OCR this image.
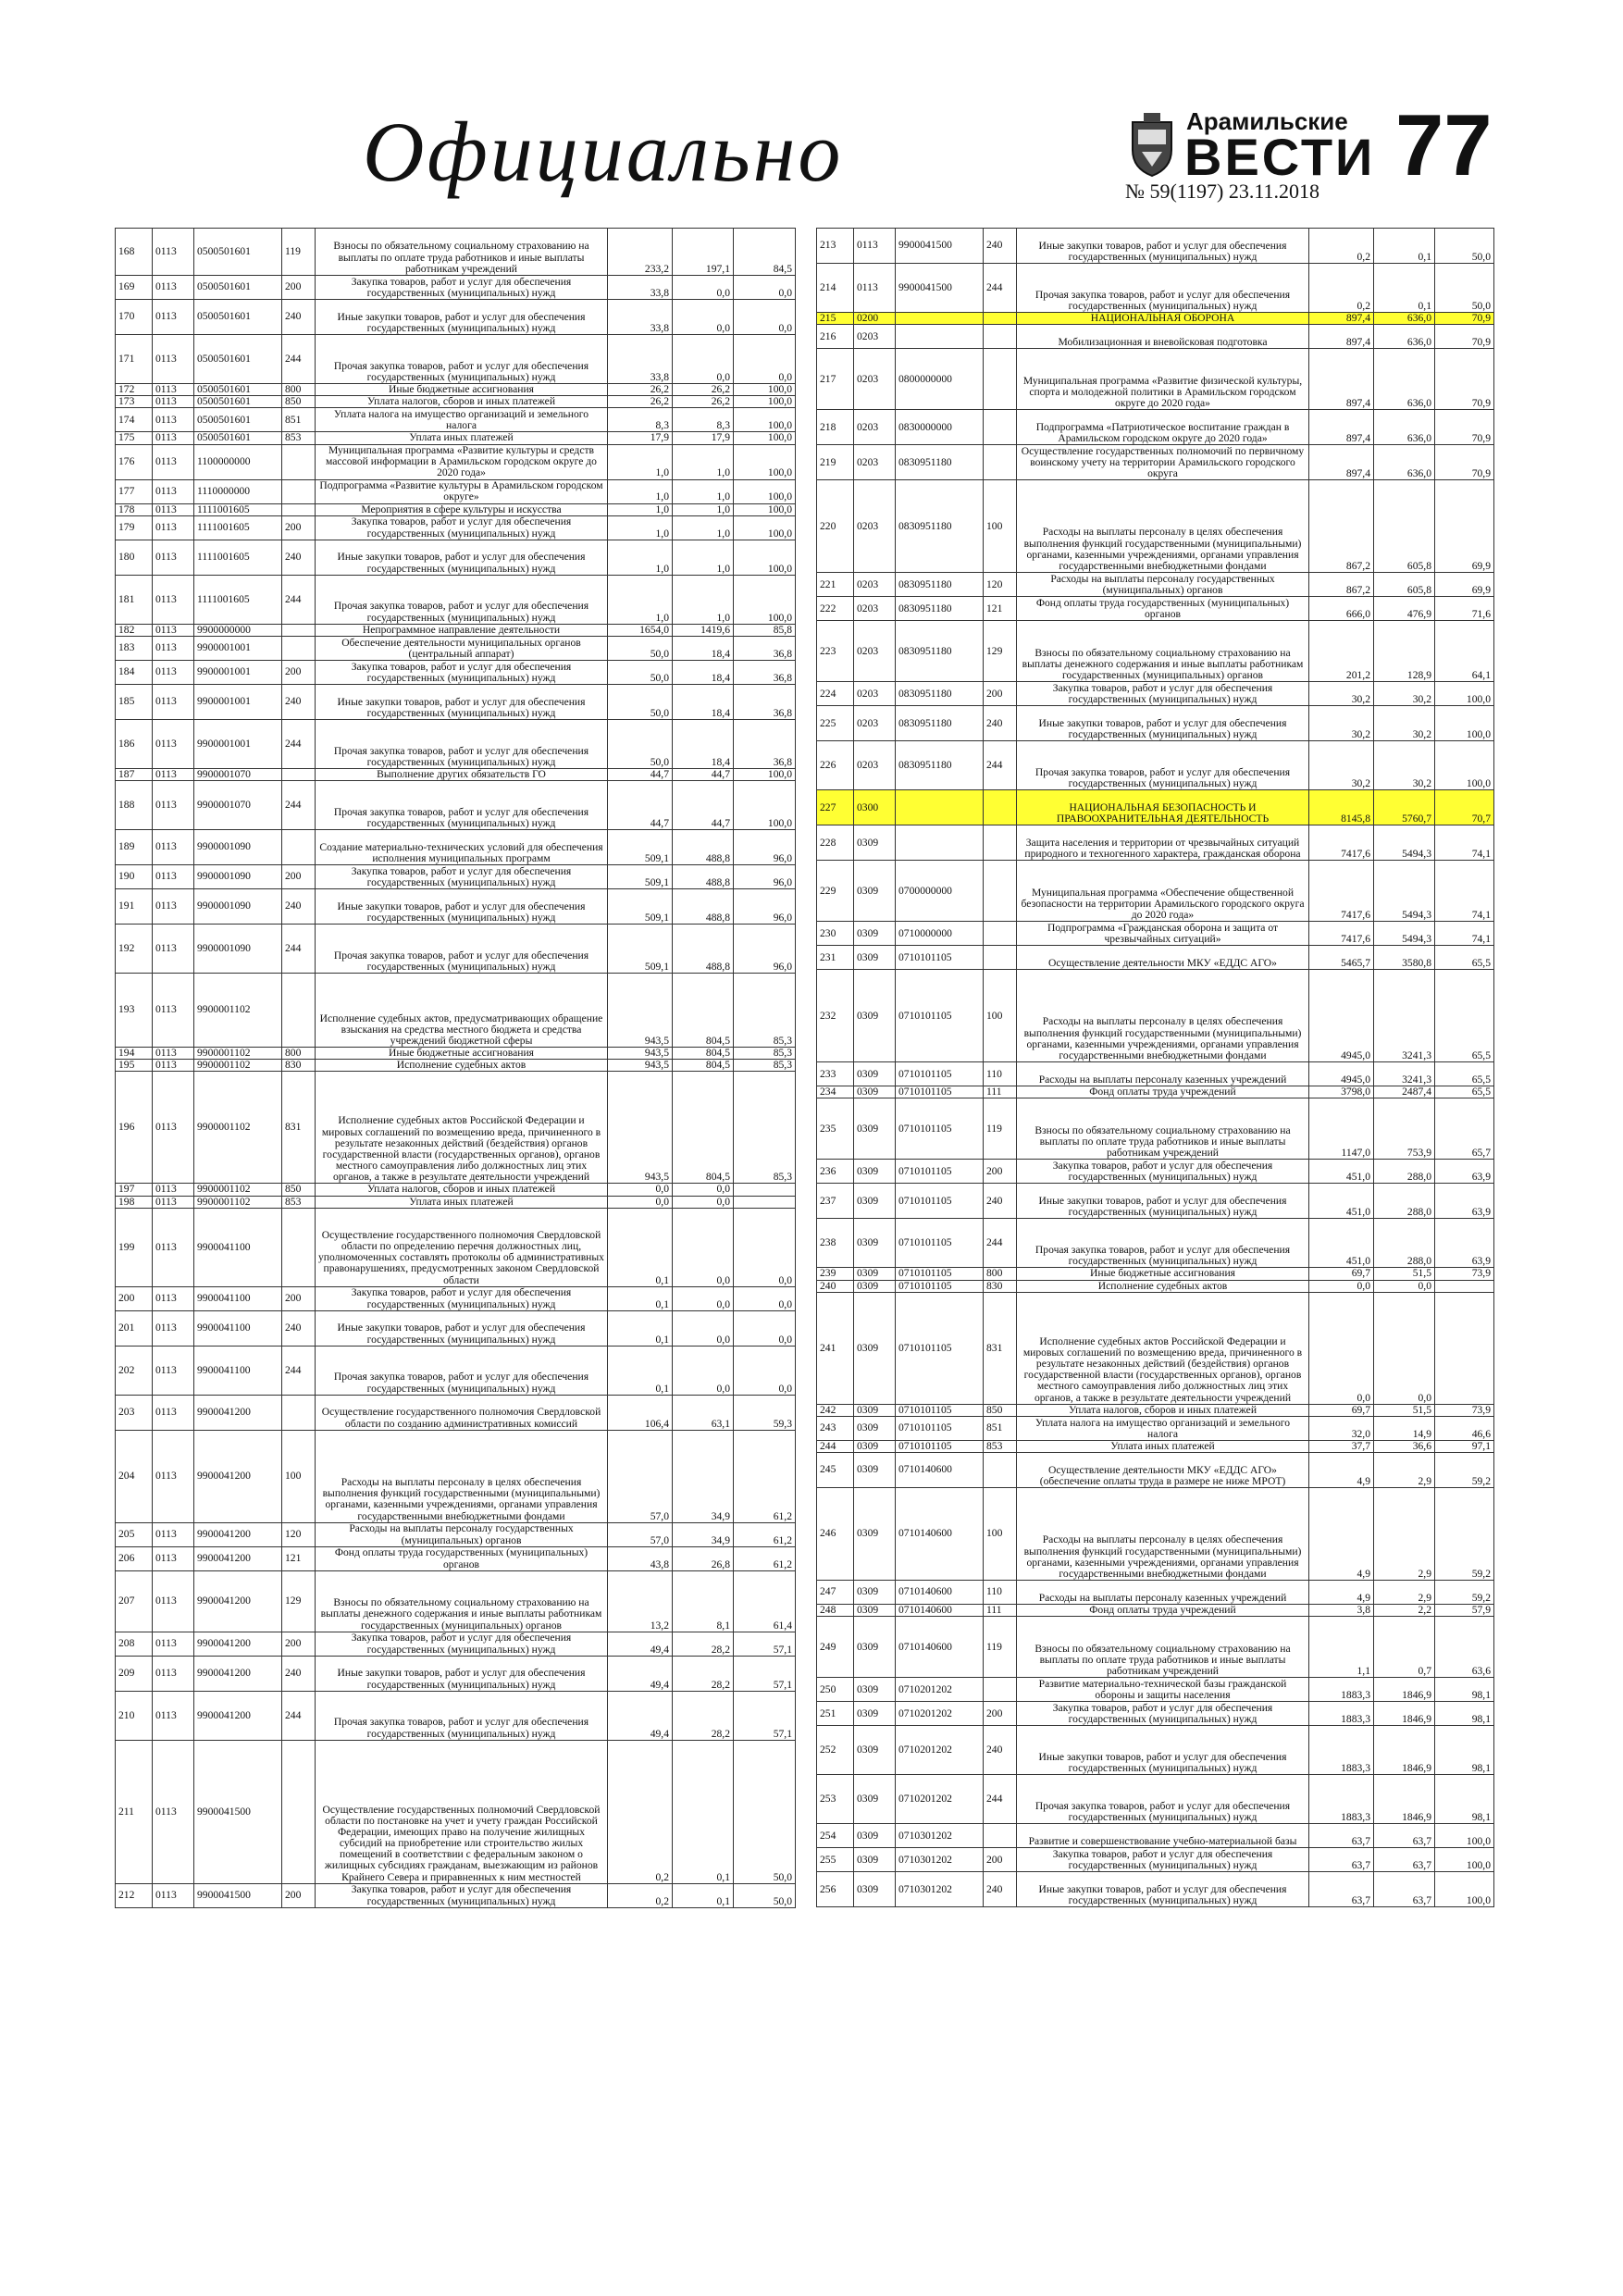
Официально	Арамильские
ВЕСТИ
№ 59(1197) 23.11.2018 77
168	0113	0500501601	119	Взносы по обязательному социальному страхованию на выплаты по оплате труда работников и иные выплаты работникам учреждений	233,2	197,1	84,5
169	0113	0500501601	200	Закупка товаров, работ и услуг для обеспечения государственных (муниципальных) нужд	33,8	0,0	0,0
170	0113	0500501601	240	Иные закупки товаров, работ и услуг для обеспечения государственных (муниципальных) нужд	33,8	0,0	0,0
171	0113	0500501601	244	Прочая закупка товаров, работ и услуг для обеспечения государственных (муниципальных) нужд	33,8	0,0	0,0
172	0113	0500501601	800	Иные бюджетные ассигнования	26,2	26,2	100,0
173	0113	0500501601	850	Уплата налогов, сборов и иных платежей	26,2	26,2	100,0
174	0113	0500501601	851	Уплата налога на имущество организаций и земельного налога	8,3	8,3	100,0
175	0113	0500501601	853	Уплата иных платежей	17,9	17,9	100,0
176	0113	1100000000		Муниципальная программа «Развитие культуры и средств массовой информации в Арамильском городском округе до 2020 года»	1,0	1,0	100,0
177	0113	1110000000		Подпрограмма «Развитие культуры в Арамильском городском округе»	1,0	1,0	100,0
178	0113	1111001605		Мероприятия в сфере культуры и искусства	1,0	1,0	100,0
179	0113	1111001605	200	Закупка товаров, работ и услуг для обеспечения государственных (муниципальных) нужд	1,0	1,0	100,0
180	0113	1111001605	240	Иные закупки товаров, работ и услуг для обеспечения государственных (муниципальных) нужд	1,0	1,0	100,0
181	0113	1111001605	244	Прочая закупка товаров, работ и услуг для обеспечения государственных (муниципальных) нужд	1,0	1,0	100,0
182	0113	9900000000		Непрограммное направление деятельности	1654,0	1419,6	85,8
183	0113	9900001001		Обеспечение деятельности муниципальных органов (центральный аппарат)	50,0	18,4	36,8
184	0113	9900001001	200	Закупка товаров, работ и услуг для обеспечения государственных (муниципальных) нужд	50,0	18,4	36,8
185	0113	9900001001	240	Иные закупки товаров, работ и услуг для обеспечения государственных (муниципальных) нужд	50,0	18,4	36,8
186	0113	9900001001	244	Прочая закупка товаров, работ и услуг для обеспечения государственных (муниципальных) нужд	50,0	18,4	36,8
187	0113	9900001070		Выполнение других обязательств ГО	44,7	44,7	100,0
188	0113	9900001070	244	Прочая закупка товаров, работ и услуг для обеспечения государственных (муниципальных) нужд	44,7	44,7	100,0
189	0113	9900001090		Создание материально-технических условий для обеспечения исполнения муниципальных программ	509,1	488,8	96,0
190	0113	9900001090	200	Закупка товаров, работ и услуг для обеспечения государственных (муниципальных) нужд	509,1	488,8	96,0
191	0113	9900001090	240	Иные закупки товаров, работ и услуг для обеспечения государственных (муниципальных) нужд	509,1	488,8	96,0
192	0113	9900001090	244	Прочая закупка товаров, работ и услуг для обеспечения государственных (муниципальных) нужд	509,1	488,8	96,0
193	0113	9900001102		Исполнение судебных актов, предусматривающих обращение взыскания на средства местного бюджета и средства учреждений бюджетной сферы	943,5	804,5	85,3
194	0113	9900001102	800	Иные бюджетные ассигнования	943,5	804,5	85,3
195	0113	9900001102	830	Исполнение судебных актов	943,5	804,5	85,3
196	0113	9900001102	831	Исполнение судебных актов Российской Федерации и мировых соглашений по возмещению вреда, причиненного в результате незаконных действий (бездействия) органов государственной власти (государственных органов), органов местного самоуправления либо должностных лиц этих органов, а также в результате деятельности учреждений	943,5	804,5	85,3
197	0113	9900001102	850	Уплата налогов, сборов и иных платежей	0,0	0,0	
198	0113	9900001102	853	Уплата иных платежей	0,0	0,0	
199	0113	9900041100		Осуществление государственного полномочия Свердловской области по определению перечня должностных лиц, уполномоченных составлять протоколы об административных правонарушениях, предусмотренных законом Свердловской области	0,1	0,0	0,0
200	0113	9900041100	200	Закупка товаров, работ и услуг для обеспечения государственных (муниципальных) нужд	0,1	0,0	0,0
201	0113	9900041100	240	Иные закупки товаров, работ и услуг для обеспечения государственных (муниципальных) нужд	0,1	0,0	0,0
202	0113	9900041100	244	Прочая закупка товаров, работ и услуг для обеспечения государственных (муниципальных) нужд	0,1	0,0	0,0
203	0113	9900041200		Осуществление государственного полномочия Свердловской области по созданию административных комиссий	106,4	63,1	59,3
204	0113	9900041200	100	Расходы на выплаты персоналу в целях обеспечения выполнения функций государственными (муниципальными) органами, казенными учреждениями, органами управления государственными внебюджетными фондами	57,0	34,9	61,2
205	0113	9900041200	120	Расходы на выплаты персоналу государственных (муниципальных) органов	57,0	34,9	61,2
206	0113	9900041200	121	Фонд оплаты труда государственных (муниципальных) органов	43,8	26,8	61,2
207	0113	9900041200	129	Взносы по обязательному социальному страхованию на выплаты денежного содержания и иные выплаты работникам государственных (муниципальных) органов	13,2	8,1	61,4
208	0113	9900041200	200	Закупка товаров, работ и услуг для обеспечения государственных (муниципальных) нужд	49,4	28,2	57,1
209	0113	9900041200	240	Иные закупки товаров, работ и услуг для обеспечения государственных (муниципальных) нужд	49,4	28,2	57,1
210	0113	9900041200	244	Прочая закупка товаров, работ и услуг для обеспечения государственных (муниципальных) нужд	49,4	28,2	57,1
211	0113	9900041500		Осуществление государственных полномочий Свердловской области по постановке на учет и учету граждан Российской Федерации, имеющих право на получение жилищных субсидий на приобретение или строительство жилых помещений в соответствии с федеральным законом о жилищных субсидиях гражданам, выезжающим из районов Крайнего Севера и приравненных к ним местностей	0,2	0,1	50,0
212	0113	9900041500	200	Закупка товаров, работ и услуг для обеспечения государственных (муниципальных) нужд	0,2	0,1	50,0
213	0113	9900041500	240	Иные закупки товаров, работ и услуг для обеспечения государственных (муниципальных) нужд	0,2	0,1	50,0
214	0113	9900041500	244	Прочая закупка товаров, работ и услуг для обеспечения государственных (муниципальных) нужд	0,2	0,1	50,0
215	0200			НАЦИОНАЛЬНАЯ ОБОРОНА	897,4	636,0	70,9
216	0203			Мобилизационная и вневойсковая подготовка	897,4	636,0	70,9
217	0203	0800000000		Муниципальная программа «Развитие физической культуры, спорта и молодежной политики в Арамильском городском округе до 2020 года»	897,4	636,0	70,9
218	0203	0830000000		Подпрограмма «Патриотическое воспитание граждан в Арамильском городском округе до 2020 года»	897,4	636,0	70,9
219	0203	0830951180		Осуществление государственных полномочий по первичному воинскому учету на территории Арамильского городского округа	897,4	636,0	70,9
220	0203	0830951180	100	Расходы на выплаты персоналу в целях обеспечения выполнения функций государственными (муниципальными) органами, казенными учреждениями, органами управления государственными внебюджетными фондами	867,2	605,8	69,9
221	0203	0830951180	120	Расходы на выплаты персоналу государственных (муниципальных) органов	867,2	605,8	69,9
222	0203	0830951180	121	Фонд оплаты труда государственных (муниципальных) органов	666,0	476,9	71,6
223	0203	0830951180	129	Взносы по обязательному социальному страхованию на выплаты денежного содержания и иные выплаты работникам государственных (муниципальных) органов	201,2	128,9	64,1
224	0203	0830951180	200	Закупка товаров, работ и услуг для обеспечения государственных (муниципальных) нужд	30,2	30,2	100,0
225	0203	0830951180	240	Иные закупки товаров, работ и услуг для обеспечения государственных (муниципальных) нужд	30,2	30,2	100,0
226	0203	0830951180	244	Прочая закупка товаров, работ и услуг для обеспечения государственных (муниципальных) нужд	30,2	30,2	100,0
227	0300			НАЦИОНАЛЬНАЯ БЕЗОПАСНОСТЬ И ПРАВООХРАНИТЕЛЬНАЯ ДЕЯТЕЛЬНОСТЬ	8145,8	5760,7	70,7
228	0309			Защита населения и территории от чрезвычайных ситуаций природного и техногенного характера, гражданская оборона	7417,6	5494,3	74,1
229	0309	0700000000		Муниципальная программа «Обеспечение общественной безопасности на территории Арамильского городского округа до 2020 года»	7417,6	5494,3	74,1
230	0309	0710000000		Подпрограмма «Гражданская оборона и защита от чрезвычайных ситуаций»	7417,6	5494,3	74,1
231	0309	0710101105		Осуществление деятельности МКУ «ЕДДС АГО»	5465,7	3580,8	65,5
232	0309	0710101105	100	Расходы на выплаты персоналу в целях обеспечения выполнения функций государственными (муниципальными) органами, казенными учреждениями, органами управления государственными внебюджетными фондами	4945,0	3241,3	65,5
233	0309	0710101105	110	Расходы на выплаты персоналу казенных учреждений	4945,0	3241,3	65,5
234	0309	0710101105	111	Фонд оплаты труда учреждений	3798,0	2487,4	65,5
235	0309	0710101105	119	Взносы по обязательному социальному страхованию на выплаты по оплате труда работников и иные выплаты работникам учреждений	1147,0	753,9	65,7
236	0309	0710101105	200	Закупка товаров, работ и услуг для обеспечения государственных (муниципальных) нужд	451,0	288,0	63,9
237	0309	0710101105	240	Иные закупки товаров, работ и услуг для обеспечения государственных (муниципальных) нужд	451,0	288,0	63,9
238	0309	0710101105	244	Прочая закупка товаров, работ и услуг для обеспечения государственных (муниципальных) нужд	451,0	288,0	63,9
239	0309	0710101105	800	Иные бюджетные ассигнования	69,7	51,5	73,9
240	0309	0710101105	830	Исполнение судебных актов	0,0	0,0	
241	0309	0710101105	831	Исполнение судебных актов Российской Федерации и мировых соглашений по возмещению вреда, причиненного в результате незаконных действий (бездействия) органов государственной власти (государственных органов), органов местного самоуправления либо должностных лиц этих органов, а также в результате деятельности учреждений	0,0	0,0	
242	0309	0710101105	850	Уплата налогов, сборов и иных платежей	69,7	51,5	73,9
243	0309	0710101105	851	Уплата налога на имущество организаций и земельного налога	32,0	14,9	46,6
244	0309	0710101105	853	Уплата иных платежей	37,7	36,6	97,1
245	0309	0710140600		Осуществление деятельности МКУ «ЕДДС АГО» (обеспечение оплаты труда в размере не ниже МРОТ)	4,9	2,9	59,2
246	0309	0710140600	100	Расходы на выплаты персоналу в целях обеспечения выполнения функций государственными (муниципальными) органами, казенными учреждениями, органами управления государственными внебюджетными фондами	4,9	2,9	59,2
247	0309	0710140600	110	Расходы на выплаты персоналу казенных учреждений	4,9	2,9	59,2
248	0309	0710140600	111	Фонд оплаты труда учреждений	3,8	2,2	57,9
249	0309	0710140600	119	Взносы по обязательному социальному страхованию на выплаты по оплате труда работников и иные выплаты работникам учреждений	1,1	0,7	63,6
250	0309	0710201202		Развитие материально-технической базы гражданской обороны и защиты населения	1883,3	1846,9	98,1
251	0309	0710201202	200	Закупка товаров, работ и услуг для обеспечения государственных (муниципальных) нужд	1883,3	1846,9	98,1
252	0309	0710201202	240	Иные закупки товаров, работ и услуг для обеспечения государственных (муниципальных) нужд	1883,3	1846,9	98,1
253	0309	0710201202	244	Прочая закупка товаров, работ и услуг для обеспечения государственных (муниципальных) нужд	1883,3	1846,9	98,1
254	0309	0710301202		Развитие и совершенствование учебно-материальной базы	63,7	63,7	100,0
255	0309	0710301202	200	Закупка товаров, работ и услуг для обеспечения государственных (муниципальных) нужд	63,7	63,7	100,0
256	0309	0710301202	240	Иные закупки товаров, работ и услуг для обеспечения государственных (муниципальных) нужд	63,7	63,7	100,0
